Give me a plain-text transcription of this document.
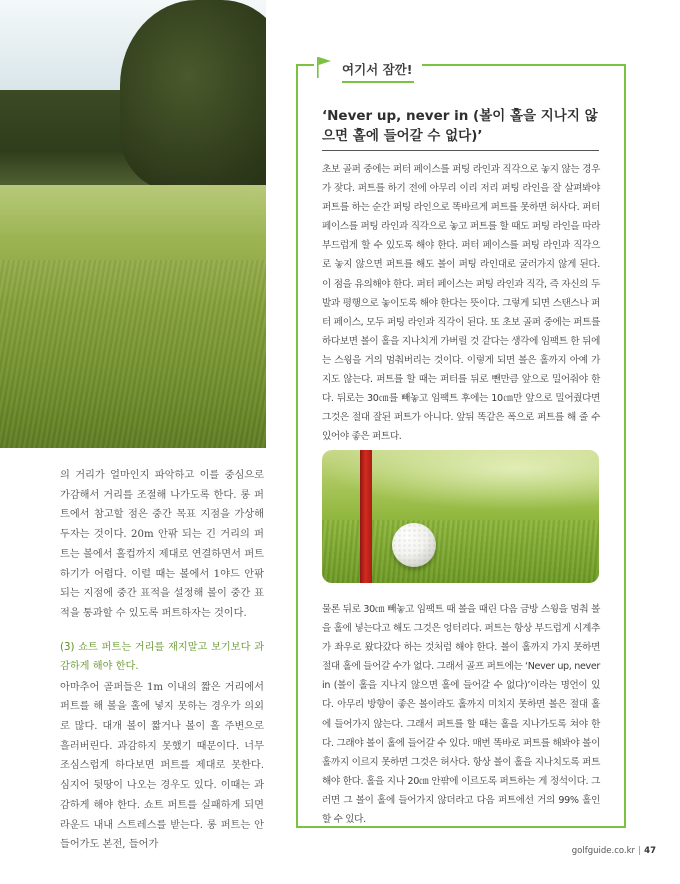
의 거리가 얼마인지 파악하고 이를 중심으로 가감해서 거리를 조절해 나가도록 한다. 롱 퍼트에서 참고할 점은 중간 목표 지점을 가상해두자는 것이다. 20m 안팎 되는 긴 거리의 퍼트는 볼에서 홀컵까지 제대로 연결하면서 퍼트하기가 어렵다. 이럴 때는 볼에서 1야드 안팎되는 지점에 중간 표적을 설정해 볼이 중간 표적을 통과할 수 있도록 퍼트하자는 것이다.

(3) 쇼트 퍼트는 거리를 재지말고 보기보다 과감하게 해야 한다.

아마추어 골퍼들은 1m 이내의 짧은 거리에서 퍼트를 해 볼을 홀에 넣지 못하는 경우가 의외로 많다. 대개 볼이 짧거나 볼이 홀 주변으로 흘러버린다. 과감하지 못했기 때문이다. 너무 조심스럽게 하다보면 퍼트를 제대로 못한다. 심지어 뒷땅이 나오는 경우도 있다. 이때는 과감하게 해야 한다. 쇼트 퍼트를 실패하게 되면 라운드 내내 스트레스를 받는다. 롱 퍼트는 안 들어가도 본전, 들어가

여기서 잠깐!
‘Never up, never in (볼이 홀을 지나지 않으면 홀에 들어갈 수 없다)’
초보 골퍼 중에는 퍼터 페이스를 퍼팅 라인과 직각으로 놓지 않는 경우가 잦다. 퍼트를 하기 전에 아무리 이리 저리 퍼팅 라인을 잘 살펴봐야 퍼트를 하는 순간 퍼팅 라인으로 똑바르게 퍼트를 못하면 허사다. 퍼터 페이스를 퍼팅 라인과 직각으로 놓고 퍼트를 할 때도 퍼팅 라인을 따라 부드럽게 할 수 있도록 해야 한다. 퍼터 페이스를 퍼팅 라인과 직각으로 놓지 않으면 퍼트를 해도 볼이 퍼팅 라인대로 굴러가지 않게 된다. 이 점을 유의해야 한다. 퍼터 페이스는 퍼팅 라인과 직각, 즉 자신의 두 발과 평행으로 놓이도록 해야 한다는 뜻이다. 그렇게 되면 스탠스나 퍼터 페이스, 모두 퍼팅 라인과 직각이 된다. 또 초보 골퍼 중에는 퍼트를 하다보면 볼이 홀을 지나치게 가버릴 것 같다는 생각에 임팩트 한 뒤에는 스윙을 거의 멈춰버리는 것이다. 이렇게 되면 볼은 홀까지 아예 가지도 않는다. 퍼트를 할 때는 퍼터를 뒤로 뺀만큼 앞으로 밀어줘야 한다. 뒤로는 30㎝를 빼놓고 임팩트 후에는 10㎝만 앞으로 밀어줬다면 그것은 절대 잘된 퍼트가 아니다. 앞뒤 똑같은 폭으로 퍼트를 해 줄 수 있어야 좋은 퍼트다.
물론 뒤로 30㎝ 빼놓고 임팩트 때 볼을 때린 다음 금방 스윙을 멈춰 볼을 홀에 넣는다고 해도 그것은 엉터리다. 퍼트는 항상 부드럽게 시계추가 좌우로 왔다갔다 하는 것처럼 해야 한다. 볼이 홀까지 가지 못하면 절대 홀에 들어갈 수가 없다. 그래서 골프 퍼트에는 ‘Never up, never in (볼이 홀을 지나지 않으면 홀에 들어갈 수 없다)’이라는 명언이 있다. 아무리 방향이 좋은 볼이라도 홀까지 미치지 못하면 볼은 절대 홀에 들어가지 않는다. 그래서 퍼트를 할 때는 홀을 지나가도록 쳐야 한다. 그래야 볼이 홀에 들어갈 수 있다. 매번 똑바로 퍼트를 해봐야 볼이 홀까지 이르지 못하면 그것은 허사다. 항상 볼이 홀을 지나치도록 퍼트해야 한다. 홀을 지나 20㎝ 안팎에 이르도록 퍼트하는 게 정석이다. 그러면 그 볼이 홀에 들어가지 않더라고 다음 퍼트에선 거의 99% 홀인할 수 있다.
golfguide.co.kr | 47
